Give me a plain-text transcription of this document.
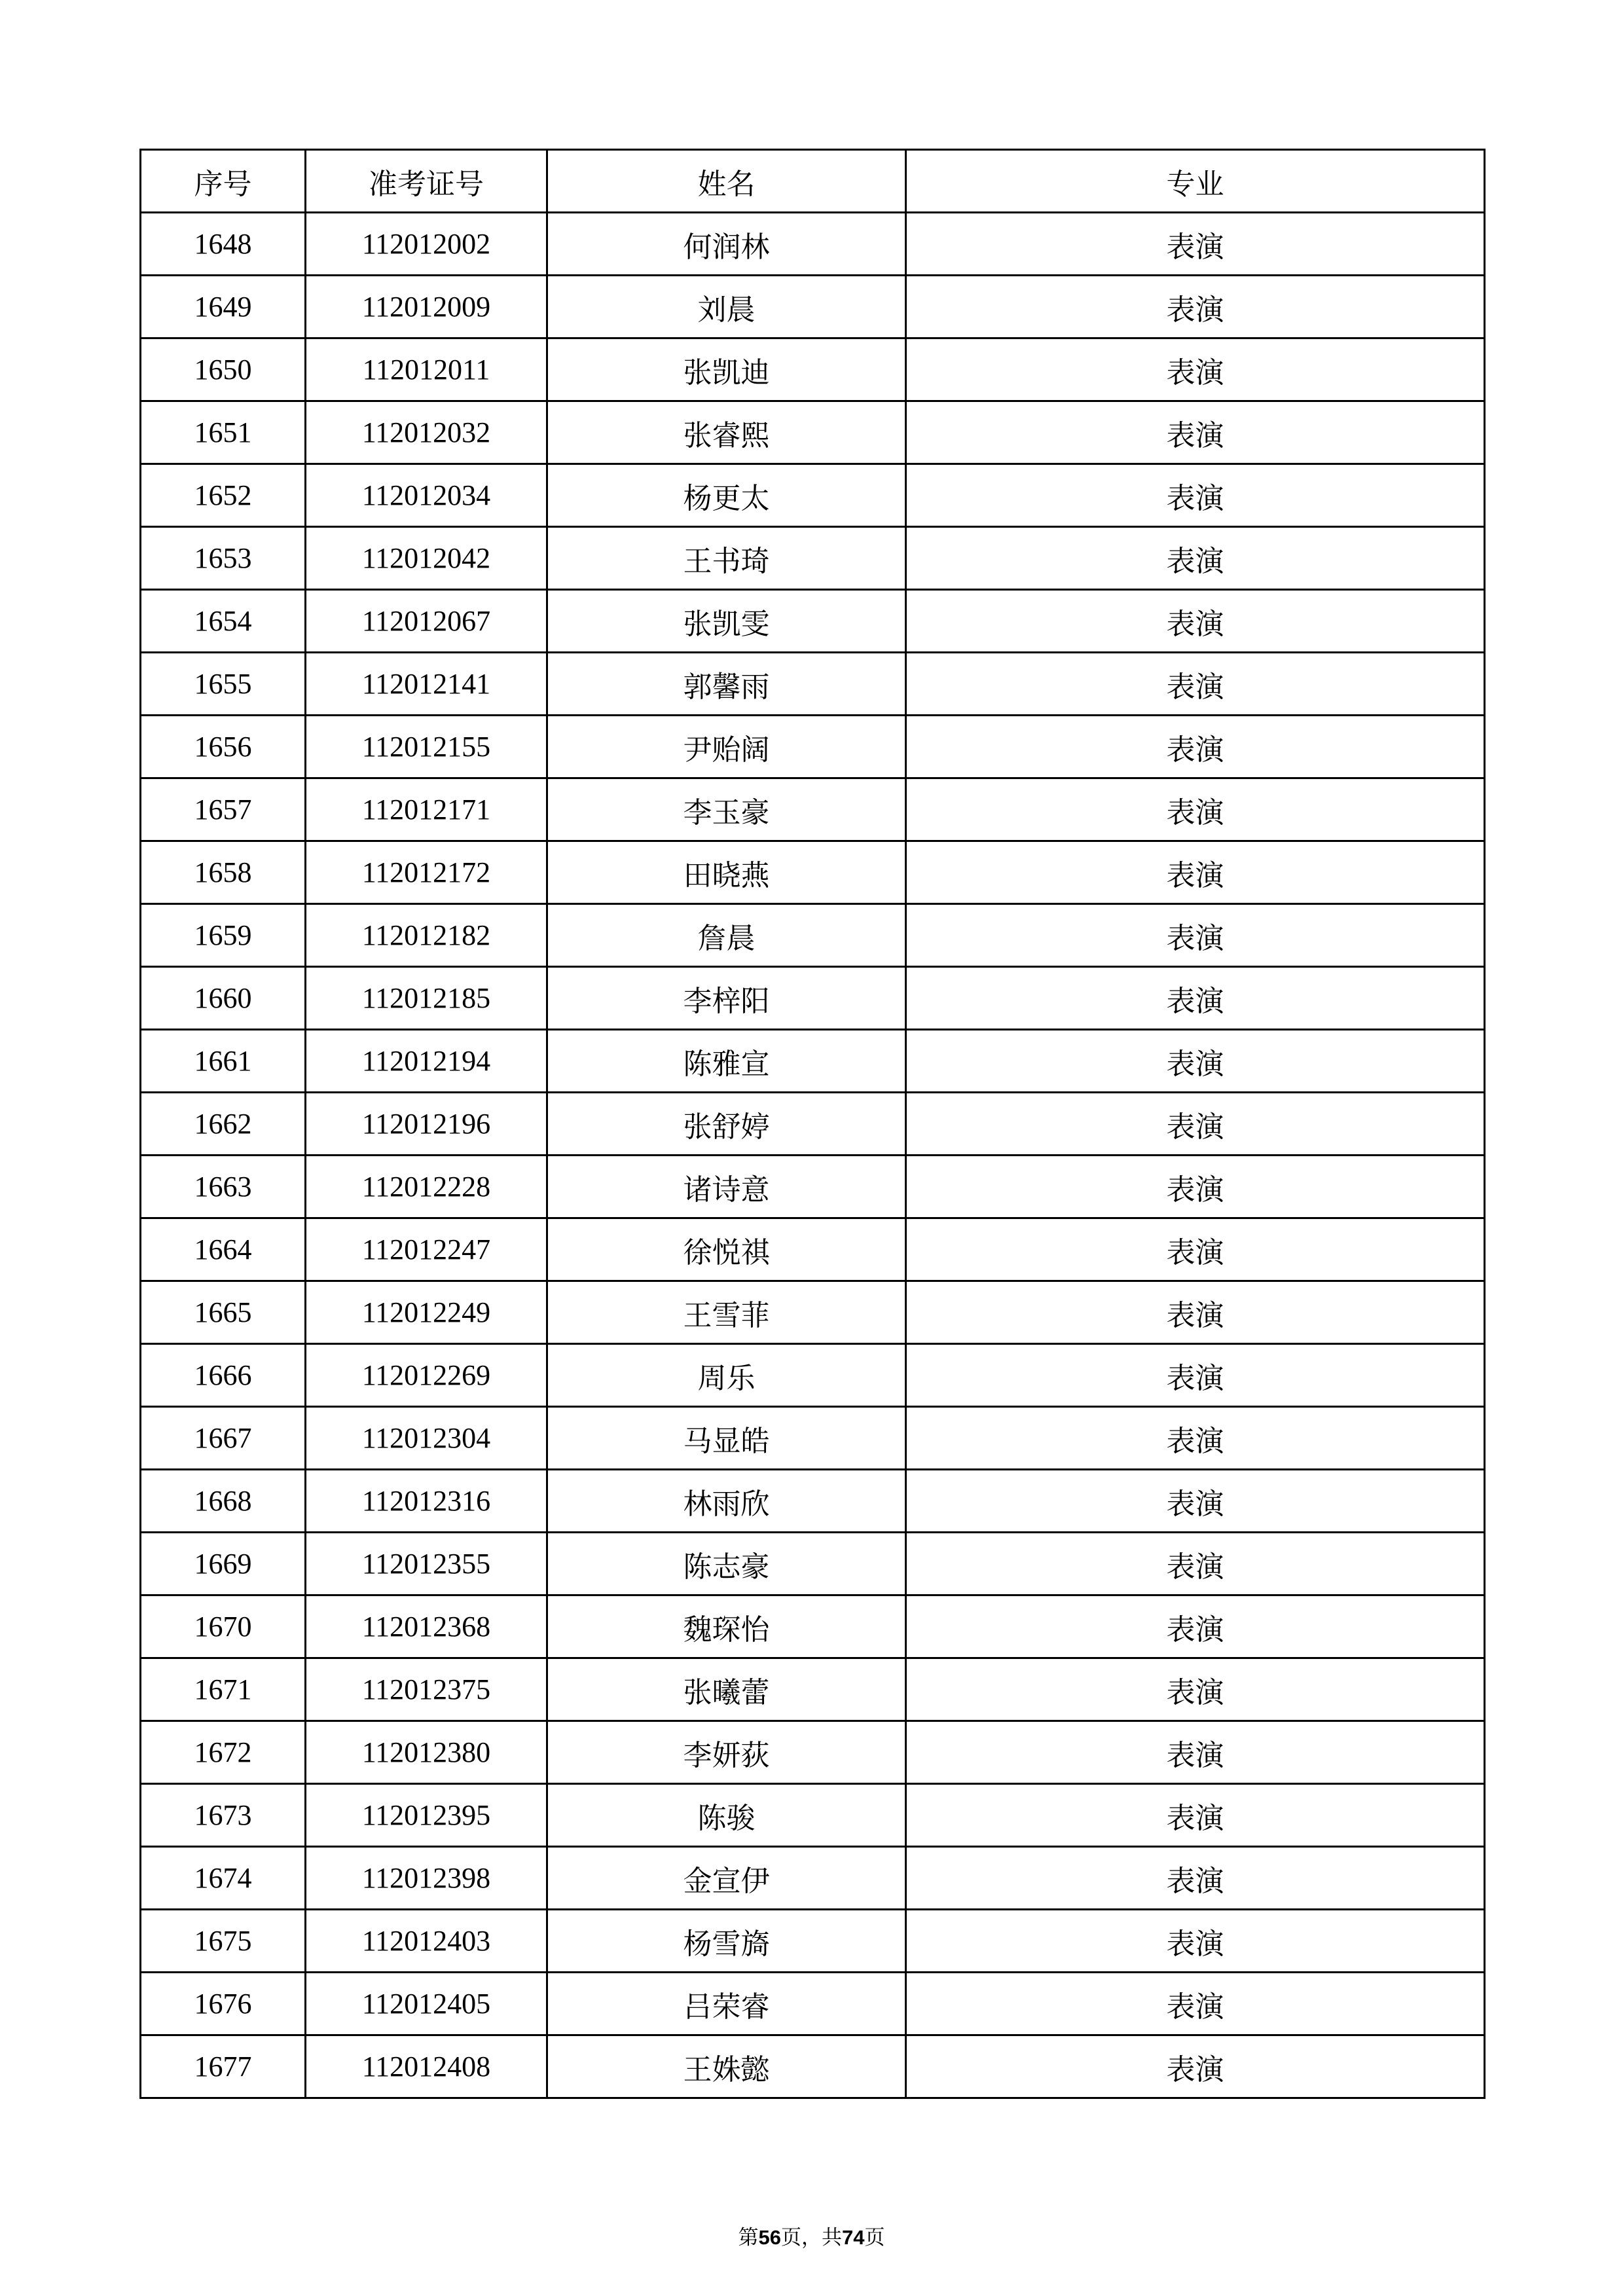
序号	准考证号	姓名	专业
1648	112012002	何润林	表演
1649	112012009	刘晨	表演
1650	112012011	张凯迪	表演
1651	112012032	张睿熙	表演
1652	112012034	杨更太	表演
1653	112012042	王书琦	表演
1654	112012067	张凯雯	表演
1655	112012141	郭馨雨	表演
1656	112012155	尹贻阔	表演
1657	112012171	李玉豪	表演
1658	112012172	田晓燕	表演
1659	112012182	詹晨	表演
1660	112012185	李梓阳	表演
1661	112012194	陈雅宣	表演
1662	112012196	张舒婷	表演
1663	112012228	诸诗意	表演
1664	112012247	徐悦祺	表演
1665	112012249	王雪菲	表演
1666	112012269	周乐	表演
1667	112012304	马显皓	表演
1668	112012316	林雨欣	表演
1669	112012355	陈志豪	表演
1670	112012368	魏琛怡	表演
1671	112012375	张曦蕾	表演
1672	112012380	李妍荻	表演
1673	112012395	陈骏	表演
1674	112012398	金宣伊	表演
1675	112012403	杨雪旖	表演
1676	112012405	吕荣睿	表演
1677	112012408	王姝懿	表演
第56页，共74页
